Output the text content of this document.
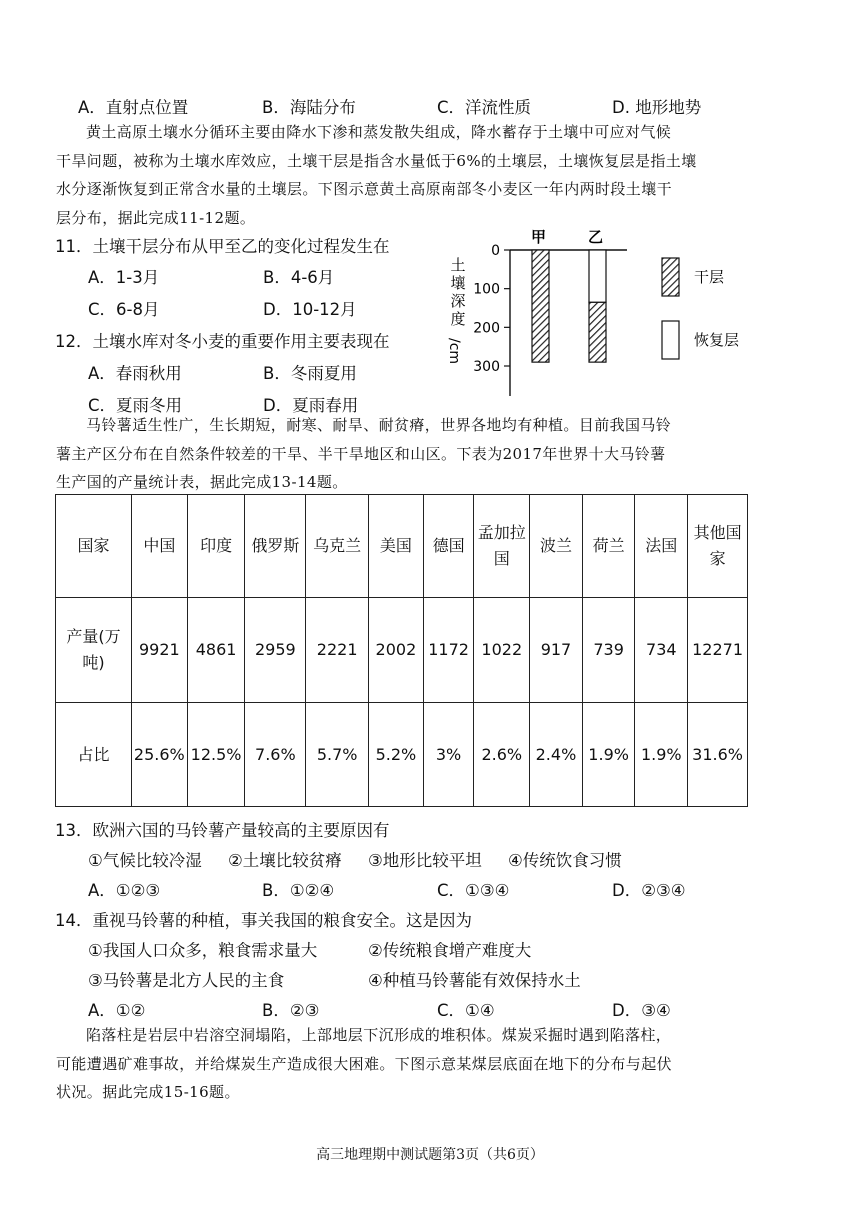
A．直射点位置	B．海陆分布	C．洋流性质	D. 地形地势
黄土高原土壤水分循环主要由降水下渗和蒸发散失组成，降水蓄存于土壤中可应对气候
干旱问题，被称为土壤水库效应，土壤干层是指含水量低于6%的土壤层，土壤恢复层是指土壤
水分逐渐恢复到正常含水量的土壤层。下图示意黄土高原南部冬小麦区一年内两时段土壤干
层分布，据此完成11-12题。
11．土壤干层分布从甲至乙的变化过程发生在
A．1-3月	B．4-6月
C．6-8月	D．10-12月
12．土壤水库对冬小麦的重要作用主要表现在
A．春雨秋用	B．冬雨夏用
C．夏雨冬用	D．夏雨春用
土
壤
深
度
/cm
0
100
200
300
甲	乙
干层
恢复层
马铃薯适生性广，生长期短，耐寒、耐旱、耐贫瘠，世界各地均有种植。目前我国马铃
薯主产区分布在自然条件较差的干旱、半干旱地区和山区。下表为2017年世界十大马铃薯
生产国的产量统计表，据此完成13-14题。
国家	中国	印度	俄罗斯	乌克兰	美国	德国	孟加拉国	波兰	荷兰	法国	其他国家
产量(万吨)	9921	4861	2959	2221	2002	1172	1022	917	739	734	12271
占比	25.6%	12.5%	7.6%	5.7%	5.2%	3%	2.6%	2.4%	1.9%	1.9%	31.6%
13．欧洲六国的马铃薯产量较高的主要原因有
①气候比较冷湿 ②土壤比较贫瘠 ③地形比较平坦 ④传统饮食习惯
A．①②③	B．①②④	C．①③④	D．②③④
14．重视马铃薯的种植，事关我国的粮食安全。这是因为
①我国人口众多，粮食需求量大	②传统粮食增产难度大
③马铃薯是北方人民的主食	④种植马铃薯能有效保持水土
A．①②	B．②③	C．①④	D．③④
陷落柱是岩层中岩溶空洞塌陷，上部地层下沉形成的堆积体。煤炭采掘时遇到陷落柱，
可能遭遇矿难事故，并给煤炭生产造成很大困难。下图示意某煤层底面在地下的分布与起伏
状况。据此完成15-16题。
高三地理期中测试题第3页（共6页）
